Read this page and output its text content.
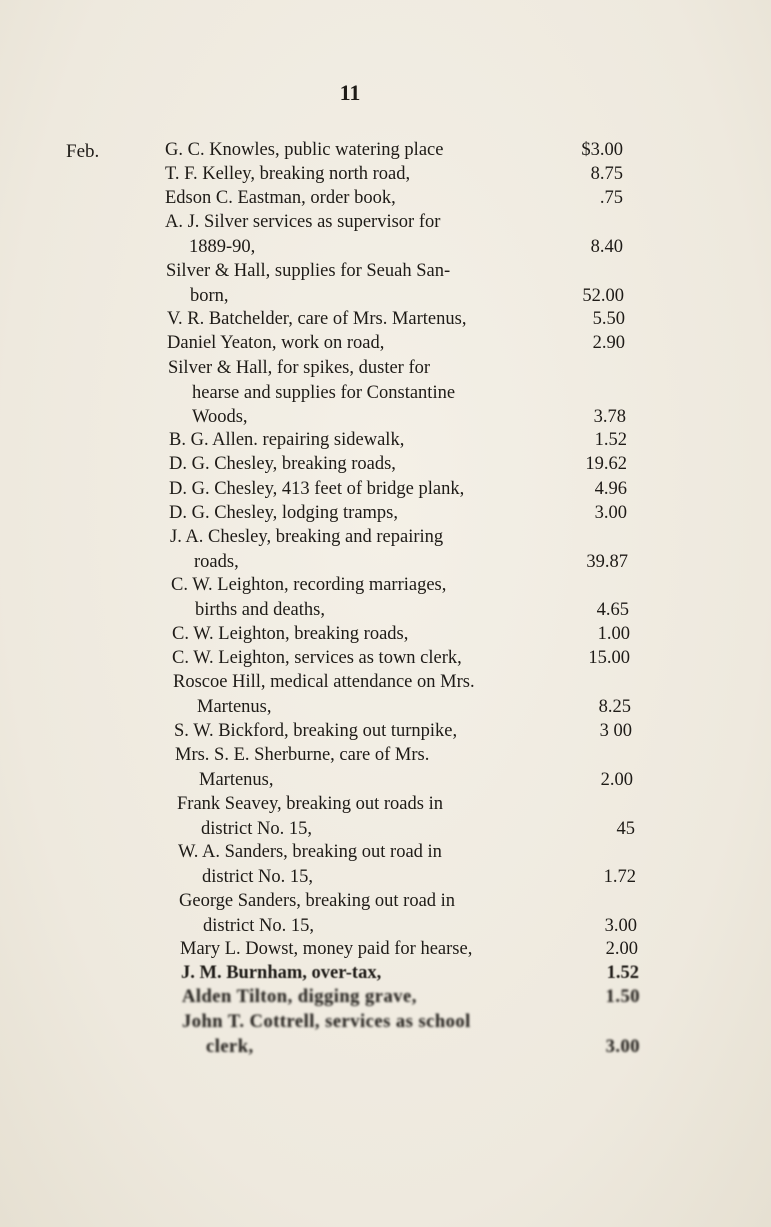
11
Feb.	G. C. Knowles, public watering place	$3.00
T. F. Kelley, breaking north road,	8.75
Edson C. Eastman, order book,	.75
A. J. Silver services as supervisor for
1889-90,	8.40
Silver & Hall, supplies for Seuah San-
born,	52.00
V. R. Batchelder, care of Mrs. Martenus,	5.50
Daniel Yeaton, work on road,	2.90
Silver & Hall, for spikes, duster for
hearse and supplies for Constantine
Woods,	3.78
B. G. Allen. repairing sidewalk,	1.52
D. G. Chesley, breaking roads,	19.62
D. G. Chesley, 413 feet of bridge plank,	4.96
D. G. Chesley, lodging tramps,	3.00
J. A. Chesley, breaking and repairing
roads,	39.87
C. W. Leighton, recording marriages,
births and deaths,	4.65
C. W. Leighton, breaking roads,	1.00
C. W. Leighton, services as town clerk,	15.00
Roscoe Hill, medical attendance on Mrs.
Martenus,	8.25
S. W. Bickford, breaking out turnpike,	3 00
Mrs. S. E. Sherburne, care of Mrs.
Martenus,	2.00
Frank Seavey, breaking out roads in
district No. 15,	45
W. A. Sanders, breaking out road in
district No. 15,	1.72
George Sanders, breaking out road in
district No. 15,	3.00
Mary L. Dowst, money paid for hearse,	2.00
J. M. Burnham, over-tax,	1.52
Alden Tilton, digging grave,	1.50
John T. Cottrell, services as school
clerk,	3.00
